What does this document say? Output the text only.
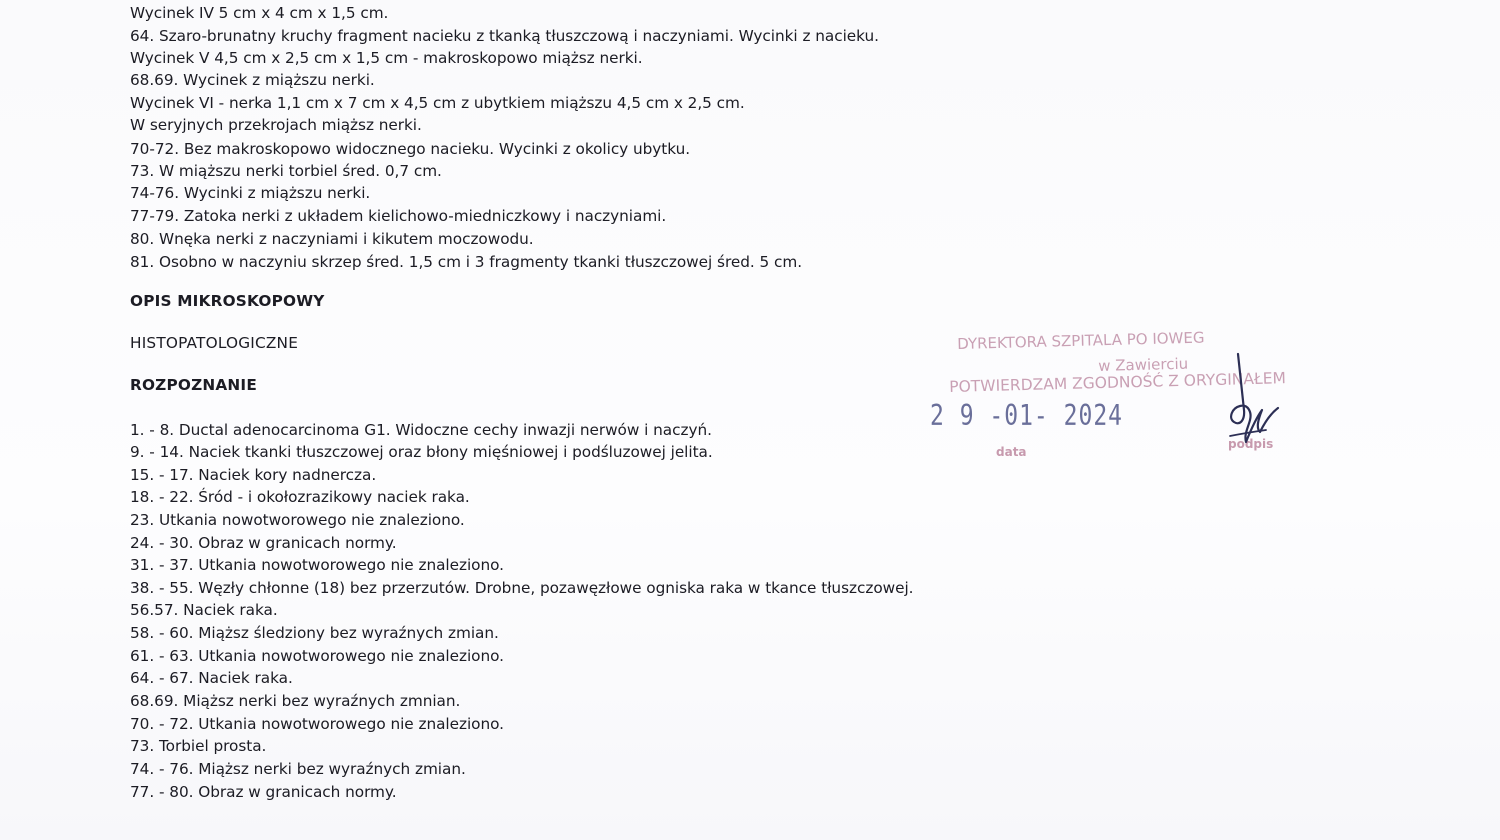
Wycinek IV 5 cm x 4 cm x 1,5 cm.
64. Szaro-brunatny kruchy fragment nacieku z tkanką tłuszczową i naczyniami. Wycinki z nacieku.
Wycinek V 4,5 cm x 2,5 cm x 1,5 cm - makroskopowo miąższ nerki.
68.69. Wycinek z miąższu nerki.
Wycinek VI - nerka 1,1 cm x 7 cm x 4,5 cm z ubytkiem miąższu 4,5 cm x 2,5 cm.
W seryjnych przekrojach miąższ nerki.
70-72. Bez makroskopowo widocznego nacieku. Wycinki z okolicy ubytku.
73. W miąższu nerki torbiel śred. 0,7 cm.
74-76. Wycinki z miąższu nerki.
77-79. Zatoka nerki z układem kielichowo-miedniczkowy i naczyniami.
80. Wnęka nerki z naczyniami i kikutem moczowodu.
81. Osobno w naczyniu skrzep śred. 1,5 cm i 3 fragmenty tkanki tłuszczowej śred. 5 cm.
OPIS MIKROSKOPOWY
HISTOPATOLOGICZNE
ROZPOZNANIE
1. - 8. Ductal adenocarcinoma G1. Widoczne cechy inwazji nerwów i naczyń.
9. - 14. Naciek tkanki tłuszczowej oraz błony mięśniowej i podśluzowej jelita.
15. - 17. Naciek kory nadnercza.
18. - 22. Śród - i okołozrazikowy naciek raka.
23. Utkania nowotworowego nie znaleziono.
24. - 30. Obraz w granicach normy.
31. - 37. Utkania nowotworowego nie znaleziono.
38. - 55. Węzły chłonne (18) bez przerzutów. Drobne, pozawęzłowe ogniska raka w tkance tłuszczowej.
56.57. Naciek raka.
58. - 60. Miąższ śledziony bez wyraźnych zmian.
61. - 63. Utkania nowotworowego nie znaleziono.
64. - 67. Naciek raka.
68.69. Miąższ nerki bez wyraźnych zmnian.
70. - 72. Utkania nowotworowego nie znaleziono.
73. Torbiel prosta.
74. - 76. Miąższ nerki bez wyraźnych zmian.
77. - 80. Obraz w granicach normy.
DYREKTORA SZPITALA PO IOWEG
w Zawierciu
POTWIERDZAM ZGODNOŚĆ Z ORYGINAŁEM
2 9 -01- 2024
data
podpis
